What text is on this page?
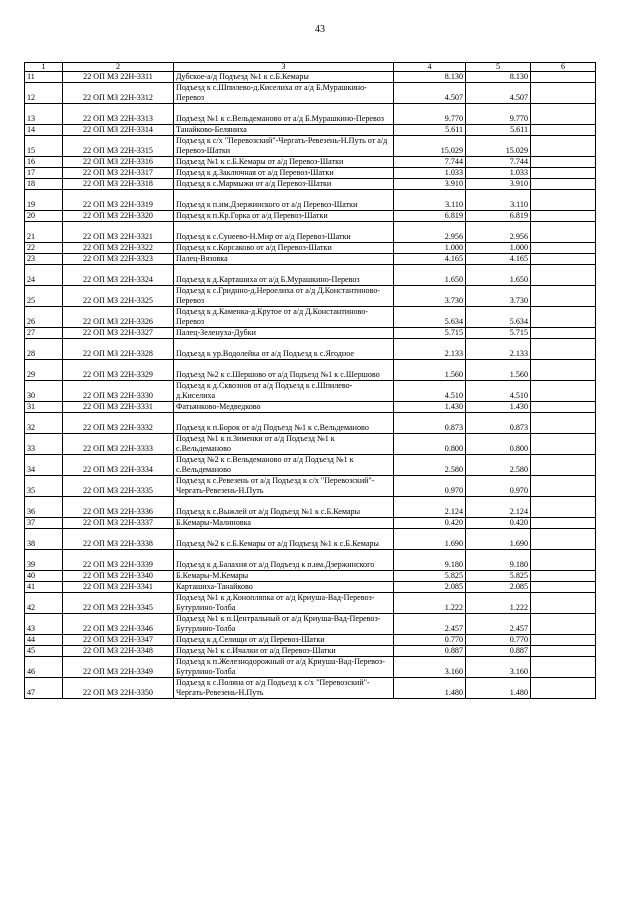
43
1	2	3	4	5	6
11	22 ОП МЗ 22Н-3311	Дубское-а/д Подъезд №1 к с.Б.Кемары	8.130	8.130	
12	22 ОП МЗ 22Н-3312	Подъезд к с.Шпилево-д.Киселиха от а/д Б.Мурашкино-Перевоз	4.507	4.507	
13	22 ОП МЗ 22Н-3313	Подъезд №1 к с.Вельдеманово от а/д Б.Мурашкино-Перевоз	9.770	9.770	
14	22 ОП МЗ 22Н-3314	Танайково-Беляниха	5.611	5.611	
15	22 ОП МЗ 22Н-3315	Подъезд к с/х "Перевозский"-Чергать-Ревезень-Н.Путь от а/д Перевоз-Шатки	15.029	15.029	
16	22 ОП МЗ 22Н-3316	Подъезд №1 к с.Б.Кемары от а/д Перевоз-Шатки	7.744	7.744	
17	22 ОП МЗ 22Н-3317	Подъезд к д.Заключная от а/д Перевоз-Шатки	1.033	1.033	
18	22 ОП МЗ 22Н-3318	Подъезд к с.Мармыжи от а/д Перевоз-Шатки	3.910	3.910	
19	22 ОП МЗ 22Н-3319	Подъезд к п.им.Дзержинского от а/д Перевоз-Шатки	3.110	3.110	
20	22 ОП МЗ 22Н-3320	Подъезд к п.Кр.Горка от а/д Перевоз-Шатки	6.819	6.819	
21	22 ОП МЗ 22Н-3321	Подъезд к с.Сунеево-Н.Мир от а/д Перевоз-Шатки	2.956	2.956	
22	22 ОП МЗ 22Н-3322	Подъезд к с.Корсаково от а/д Перевоз-Шатки	1.000	1.000	
23	22 ОП МЗ 22Н-3323	Палец-Вязовка	4.165	4.165	
24	22 ОП МЗ 22Н-3324	Подъезд к д.Карташиха от а/д Б.Мурашкино-Перевоз	1.650	1.650	
25	22 ОП МЗ 22Н-3325	Подъезд к с.Гриднно-д.Нероелиха от а/д Д.Константиново-Перевоз	3.730	3.730	
26	22 ОП МЗ 22Н-3326	Подъезд к д.Каменка-д.Крутое от а/д Д.Константиново-Перевоз	5.634	5.634	
27	22 ОП МЗ 22Н-3327	Палец-Зеленуха-Дубки	5.715	5.715	
28	22 ОП МЗ 22Н-3328	Подъезд к ур.Водолейка от а/д Подъезд к с.Ягодное	2.133	2.133	
29	22 ОП МЗ 22Н-3329	Подъезд №2 к с.Шершово от а/д Подъезд №1 к с.Шершово	1.560	1.560	
30	22 ОП МЗ 22Н-3330	Подъезд к д.Сквознов от а/д Подъезд к с.Шпилево-д.Киселиха	4.510	4.510	
31	22 ОП МЗ 22Н-3331	Фатьянково-Медведково	1.430	1.430	
32	22 ОП МЗ 22Н-3332	Подъезд к п.Борок от а/д Подъезд №1 к с.Вельдеманово	0.873	0.873	
33	22 ОП МЗ 22Н-3333	Подъезд №1 к п.Зименки от а/д Подъезд №1 к с.Вельдеманово	0.800	0.800	
34	22 ОП МЗ 22Н-3334	Подъезд №2 к с.Вельдеманово от а/д Подъезд №1 к с.Вельдеманово	2.580	2.580	
35	22 ОП МЗ 22Н-3335	Подъезд к с.Ревезень от а/д Подъезд к с/х "Перевозский"-Чергать-Ревезень-Н.Путь	0.970	0.970	
36	22 ОП МЗ 22Н-3336	Подъезд к с.Выжлей от а/д Подъезд №1 к с.Б.Кемары	2.124	2.124	
37	22 ОП МЗ 22Н-3337	Б.Кемары-Малиновка	0.420	0.420	
38	22 ОП МЗ 22Н-3338	Подъезд №2 к с.Б.Кемары от а/д Подъезд №1 к с.Б.Кемары	1.690	1.690	
39	22 ОП МЗ 22Н-3339	Подъезд к д.Балахня от а/д Подъезд к п.им.Дзержинского	9.180	9.180	
40	22 ОП МЗ 22Н-3340	Б.Кемары-М.Кемары	5.825	5.825	
41	22 ОП МЗ 22Н-3341	Карташиха-Танайково	2.085	2.085	
42	22 ОП МЗ 22Н-3345	Подъезд №1 к д.Конопляпка от а/д Криуша-Вад-Перевоз-Бутурлино-Толба	1.222	1.222	
43	22 ОП МЗ 22Н-3346	Подъезд №1 к п.Центральный от а/д Криуша-Вад-Перевоз-Бутурлино-Толба	2.457	2.457	
44	22 ОП МЗ 22Н-3347	Подъезд к д.Селищи от а/д Перевоз-Шатки	0.770	0.770	
45	22 ОП МЗ 22Н-3348	Подъезд №1 к с.Ичалки от а/д Перевоз-Шатки	0.887	0.887	
46	22 ОП МЗ 22Н-3349	Подъезд к п.Железнодорожный от а/д Криуша-Вад-Перевоз-Бутурлино-Толба	3.160	3.160	
47	22 ОП МЗ 22Н-3350	Подъезд к с.Поляна от а/д Подъезд к с/х "Перевозский"-Чергать-Ревезень-Н.Путь	1.480	1.480	
